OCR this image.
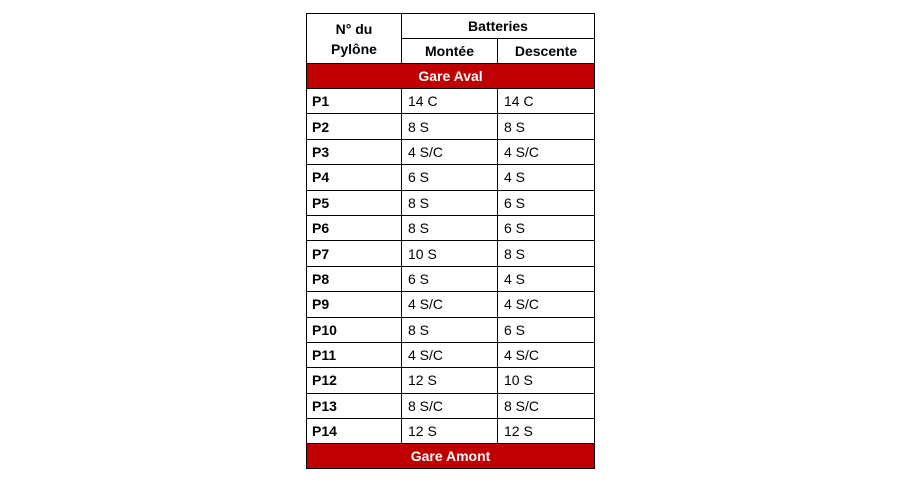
N° du
Pylône	Batteries	
	Montée	Descente
Gare Aval		
P1	14 C	14 C
P2	8 S	8 S
P3	4 S/C	4 S/C
P4	6 S	4 S
P5	8 S	6 S
P6	8 S	6 S
P7	10 S	8 S
P8	6 S	4 S
P9	4 S/C	4 S/C
P10	8 S	6 S
P11	4 S/C	4 S/C
P12	12 S	10 S
P13	8 S/C	8 S/C
P14	12 S	12 S
Gare Amont		
